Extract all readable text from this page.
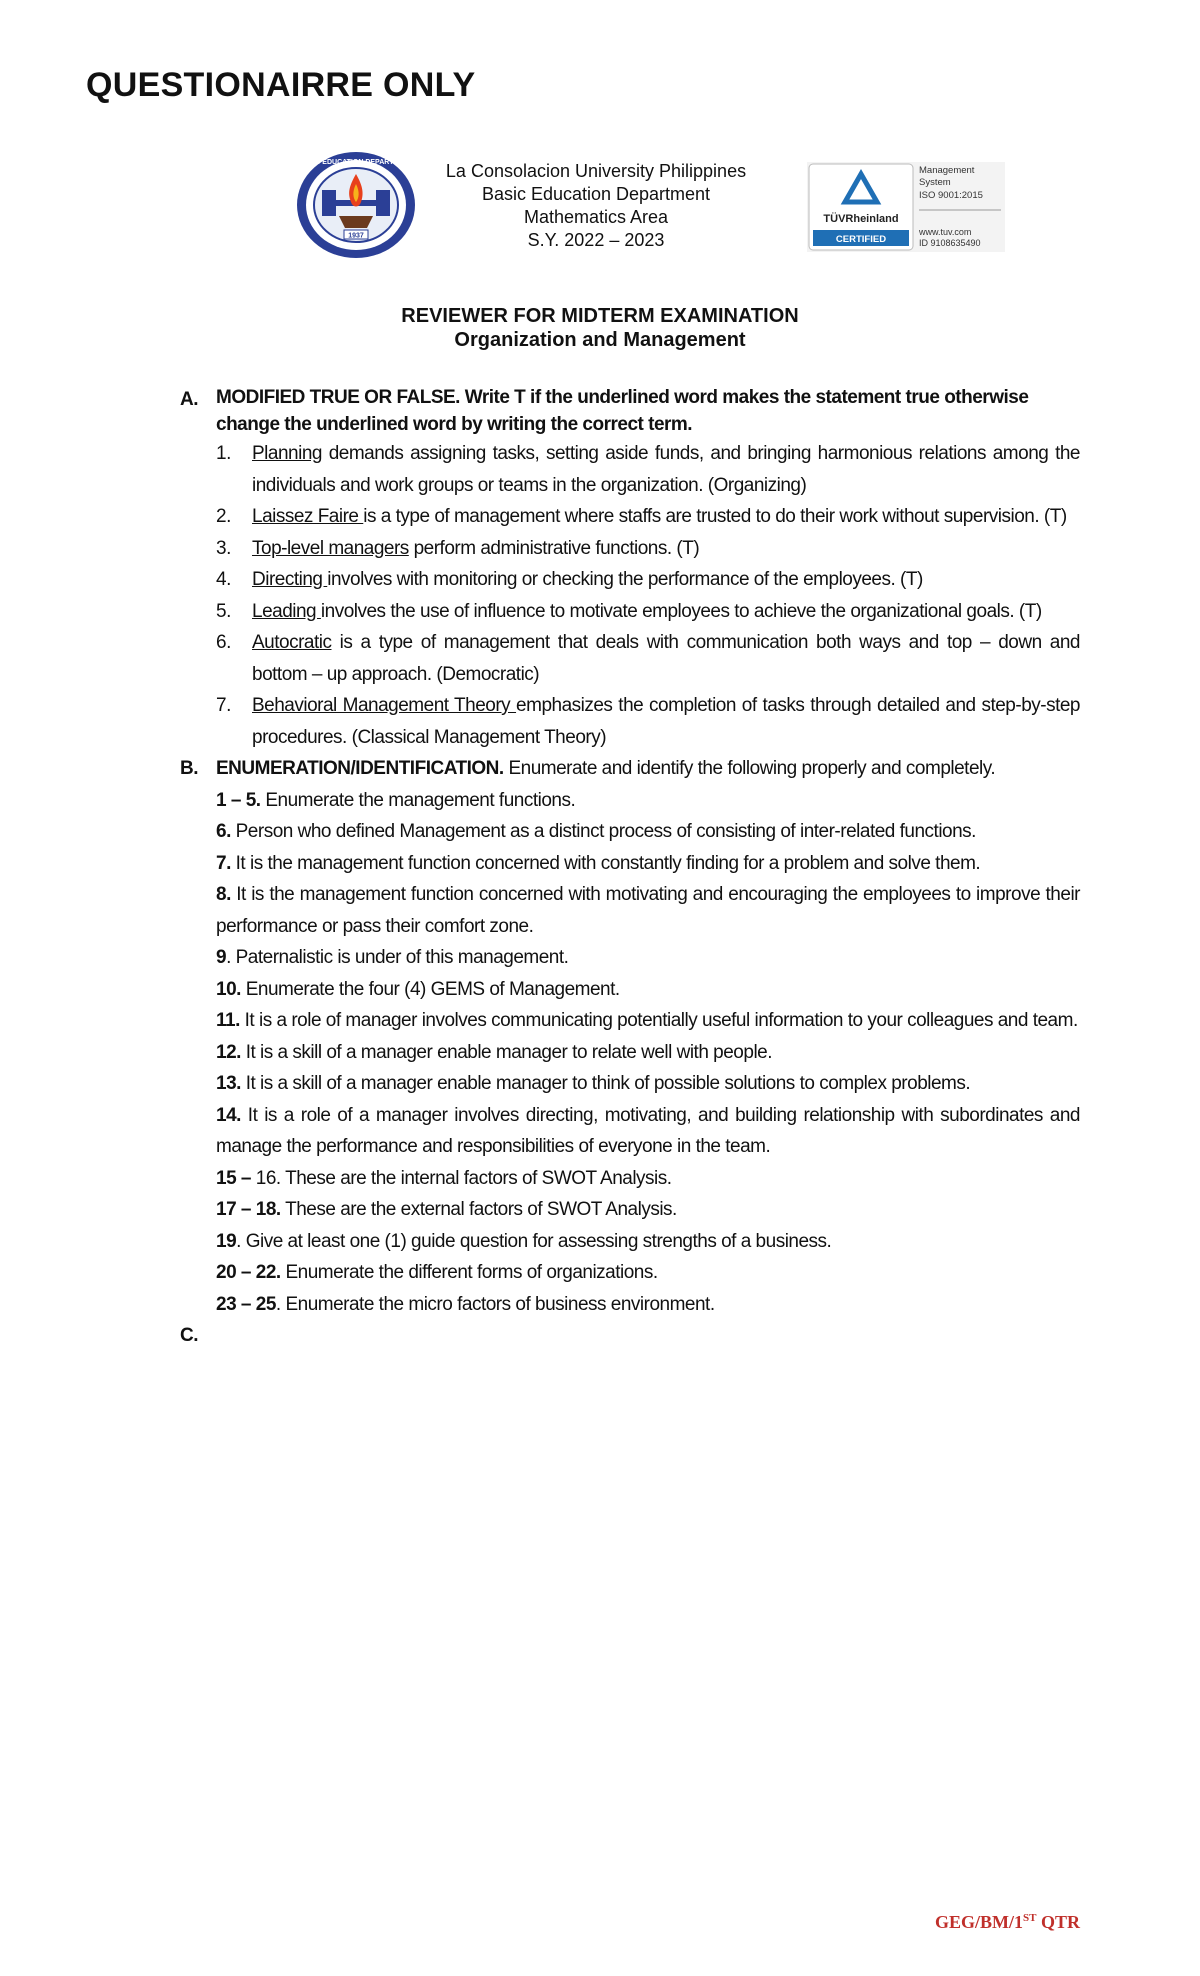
QUESTIONAIRRE ONLY
1937
BASIC EDUCATION DEPARTMENT	La Consolacion University Philippines
Basic Education Department
Mathematics Area
S.Y. 2022 – 2023
TÜVRheinland
CERTIFIED
Management
System
ISO 9001:2015
www.tuv.com
ID 9108635490
REVIEWER FOR MIDTERM EXAMINATION
Organization and Management
A. MODIFIED TRUE OR FALSE. Write T if the underlined word makes the statement true otherwise change the underlined word by writing the correct term.
1. Planning demands assigning tasks, setting aside funds, and bringing harmonious relations among the individuals and work groups or teams in the organization. (Organizing)
2. Laissez Faire is a type of management where staffs are trusted to do their work without supervision. (T)
3. Top-level managers perform administrative functions. (T)
4. Directing involves with monitoring or checking the performance of the employees. (T)
5. Leading involves the use of influence to motivate employees to achieve the organizational goals. (T)
6. Autocratic is a type of management that deals with communication both ways and top – down and bottom – up approach. (Democratic)
7. Behavioral Management Theory emphasizes the completion of tasks through detailed and step-by-step procedures. (Classical Management Theory)
B. ENUMERATION/IDENTIFICATION. Enumerate and identify the following properly and completely.

1 – 5. Enumerate the management functions.

6. Person who defined Management as a distinct process of consisting of inter-related functions.

7. It is the management function concerned with constantly finding for a problem and solve them.

8. It is the management function concerned with motivating and encouraging the employees to improve their performance or pass their comfort zone.

9. Paternalistic is under of this management.

10. Enumerate the four (4) GEMS of Management.

11. It is a role of manager involves communicating potentially useful information to your colleagues and team.

12. It is a skill of a manager enable manager to relate well with people.

13. It is a skill of a manager enable manager to think of possible solutions to complex problems.

14. It is a role of a manager involves directing, motivating, and building relationship with subordinates and manage the performance and responsibilities of everyone in the team.

15 – 16. These are the internal factors of SWOT Analysis.

17 – 18. These are the external factors of SWOT Analysis.

19. Give at least one (1) guide question for assessing strengths of a business.

20 – 22. Enumerate the different forms of organizations.

23 – 25. Enumerate the micro factors of business environment.

C.

GEG/BM/1ST QTR
